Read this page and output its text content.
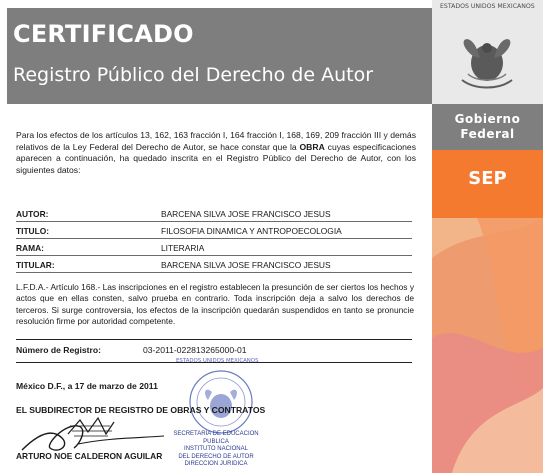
CERTIFICADO
Registro Público del Derecho de Autor
Gobierno
Federal
SEP
ESTADOS UNIDOS MEXICANOS
Para los efectos de los artículos 13, 162, 163 fracción I, 164 fracción I, 168, 169, 209 fracción III y demás relativos de la Ley Federal del Derecho de Autor, se hace constar que la OBRA cuyas especificaciones aparecen a continuación, ha quedado inscrita en el Registro Público del Derecho de Autor, con los siguientes datos:
AUTOR:	BARCENA SILVA JOSE FRANCISCO JESUS
TITULO:	FILOSOFIA DINAMICA Y ANTROPOECOLOGIA
RAMA:	LITERARIA
TITULAR:	BARCENA SILVA JOSE FRANCISCO JESUS
L.F.D.A.- Artículo 168.- Las inscripciones en el registro establecen la presunción de ser ciertos los hechos y actos que en ellas consten, salvo prueba en contrario. Toda inscripción deja a salvo los derechos de terceros. Si surge controversia, los efectos de la inscripción quedarán suspendidos en tanto se pronuncie resolución firme por autoridad competente.
Número de Registro:	03-2011-022813265000-01
ESTADOS UNIDOS MEXICANOS
SECRETARIA DE EDUCACION PUBLICA
INSTITUTO NACIONAL
DEL DERECHO DE AUTOR
DIRECCION JURIDICA
México D.F., a 17 de marzo de 2011
EL SUBDIRECTOR DE REGISTRO DE OBRAS Y CONTRATOS
ARTURO NOE CALDERON AGUILAR
